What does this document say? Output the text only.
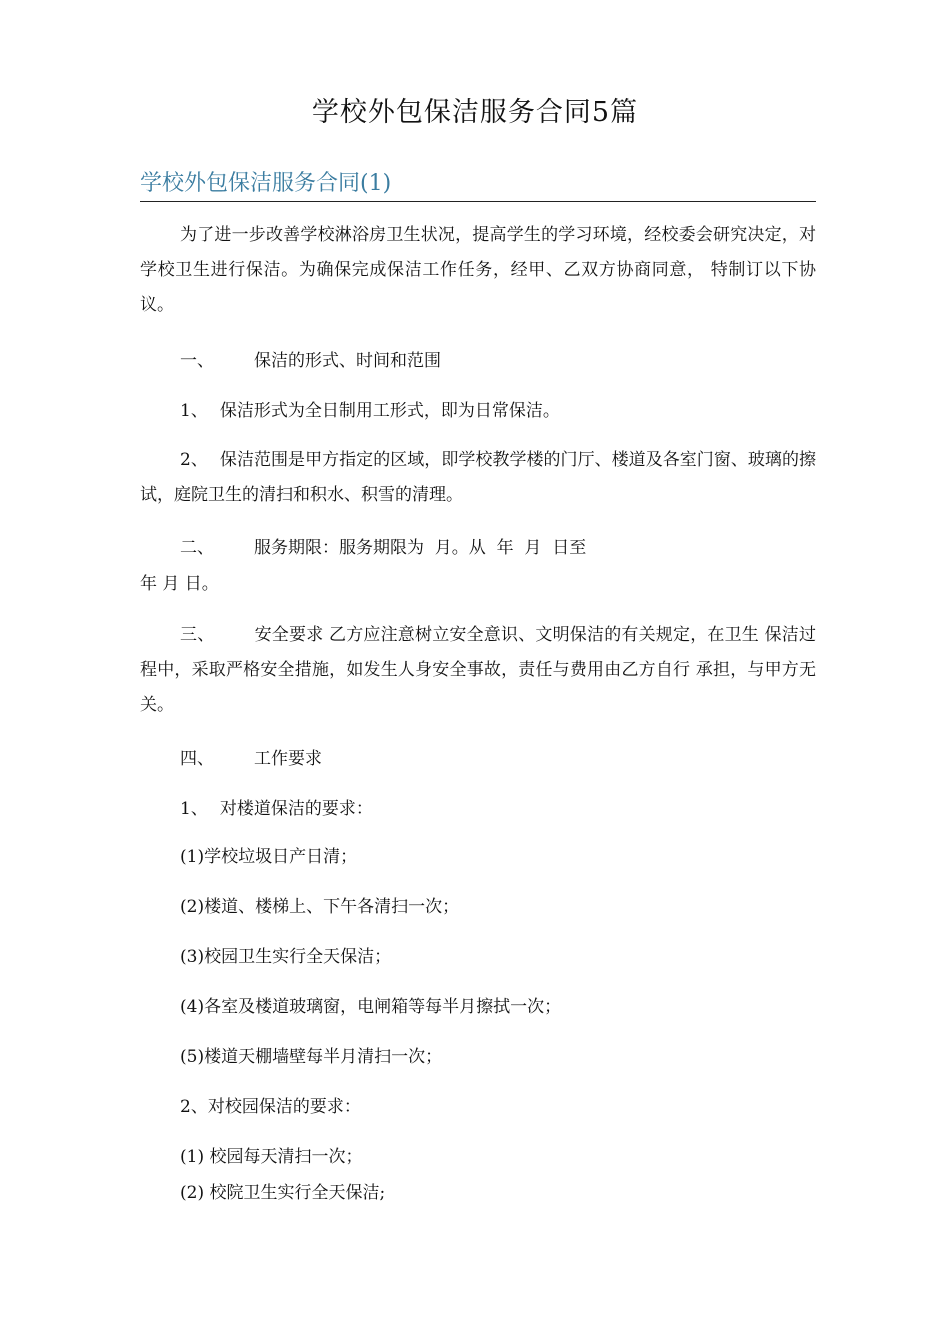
学校外包保洁服务合同5篇
学校外包保洁服务合同(1)

为了进一步改善学校淋浴房卫生状况，提高学生的学习环境，经校委会研究决定，对学校卫生进行保洁。为确保完成保洁工作任务，经甲、乙双方协商同意， 特制订以下协议。

一、 保洁的形式、时间和范围

1、 保洁形式为全日制用工形式，即为日常保洁。

2、 保洁范围是甲方指定的区域，即学校教学楼的门厅、楼道及各室门窗、玻璃的擦试，庭院卫生的清扫和积水、积雪的清理。

二、 服务期限：服务期限为  月。从  年  月  日至

年 月 日。

三、 安全要求 乙方应注意树立安全意识、文明保洁的有关规定，在卫生 保洁过程中，采取严格安全措施，如发生人身安全事故，责任与费用由乙方自行 承担，与甲方无关。

四、 工作要求

1、 对楼道保洁的要求：

(1)学校垃圾日产日清；

(2)楼道、楼梯上、下午各清扫一次；

(3)校园卫生实行全天保洁；

(4)各室及楼道玻璃窗，电闸箱等每半月擦拭一次；

(5)楼道天棚墙壁每半月清扫一次；

2、对校园保洁的要求：

(1) 校园每天清扫一次；

(2) 校院卫生实行全天保洁;
